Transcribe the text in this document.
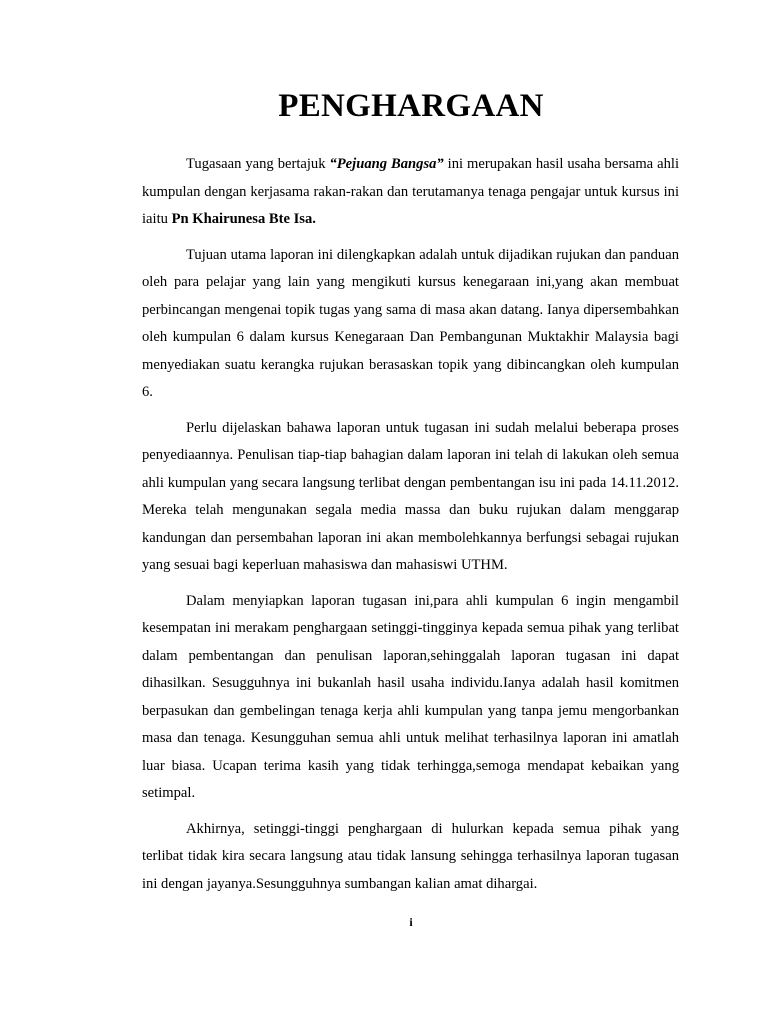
PENGHARGAAN

Tugasaan yang bertajuk “Pejuang Bangsa” ini merupakan hasil usaha bersama ahli kumpulan dengan kerjasama rakan-rakan dan terutamanya tenaga pengajar untuk kursus ini iaitu Pn Khairunesa Bte Isa.

Tujuan utama laporan ini dilengkapkan adalah untuk dijadikan rujukan dan panduan oleh para pelajar yang lain yang mengikuti kursus kenegaraan ini,yang akan membuat perbincangan mengenai topik tugas yang sama di masa akan datang. Ianya dipersembahkan oleh kumpulan 6 dalam kursus Kenegaraan Dan Pembangunan Muktakhir Malaysia bagi menyediakan suatu kerangka rujukan berasaskan topik yang dibincangkan oleh kumpulan 6.

Perlu dijelaskan bahawa laporan untuk tugasan ini sudah melalui beberapa proses penyediaannya. Penulisan tiap-tiap bahagian dalam laporan ini telah di lakukan oleh semua ahli kumpulan yang secara langsung terlibat dengan pembentangan isu ini pada 14.11.2012. Mereka telah mengunakan segala media massa dan buku rujukan dalam menggarap kandungan dan persembahan laporan ini akan membolehkannya berfungsi sebagai rujukan yang sesuai bagi keperluan mahasiswa dan mahasiswi UTHM.

Dalam menyiapkan laporan tugasan ini,para ahli kumpulan 6 ingin mengambil kesempatan ini merakam penghargaan setinggi-tingginya kepada semua pihak yang terlibat dalam pembentangan dan penulisan laporan,sehinggalah laporan tugasan ini dapat dihasilkan. Sesugguhnya ini bukanlah hasil usaha individu.Ianya adalah hasil komitmen berpasukan dan gembelingan tenaga kerja ahli kumpulan yang tanpa jemu mengorbankan masa dan tenaga. Kesungguhan semua ahli untuk melihat terhasilnya laporan ini amatlah luar biasa. Ucapan terima kasih yang tidak terhingga,semoga mendapat kebaikan yang setimpal.

Akhirnya, setinggi-tinggi penghargaan di hulurkan kepada semua pihak yang terlibat tidak kira secara langsung atau tidak lansung sehingga terhasilnya laporan tugasan ini dengan jayanya.Sesungguhnya sumbangan kalian amat dihargai.

i
